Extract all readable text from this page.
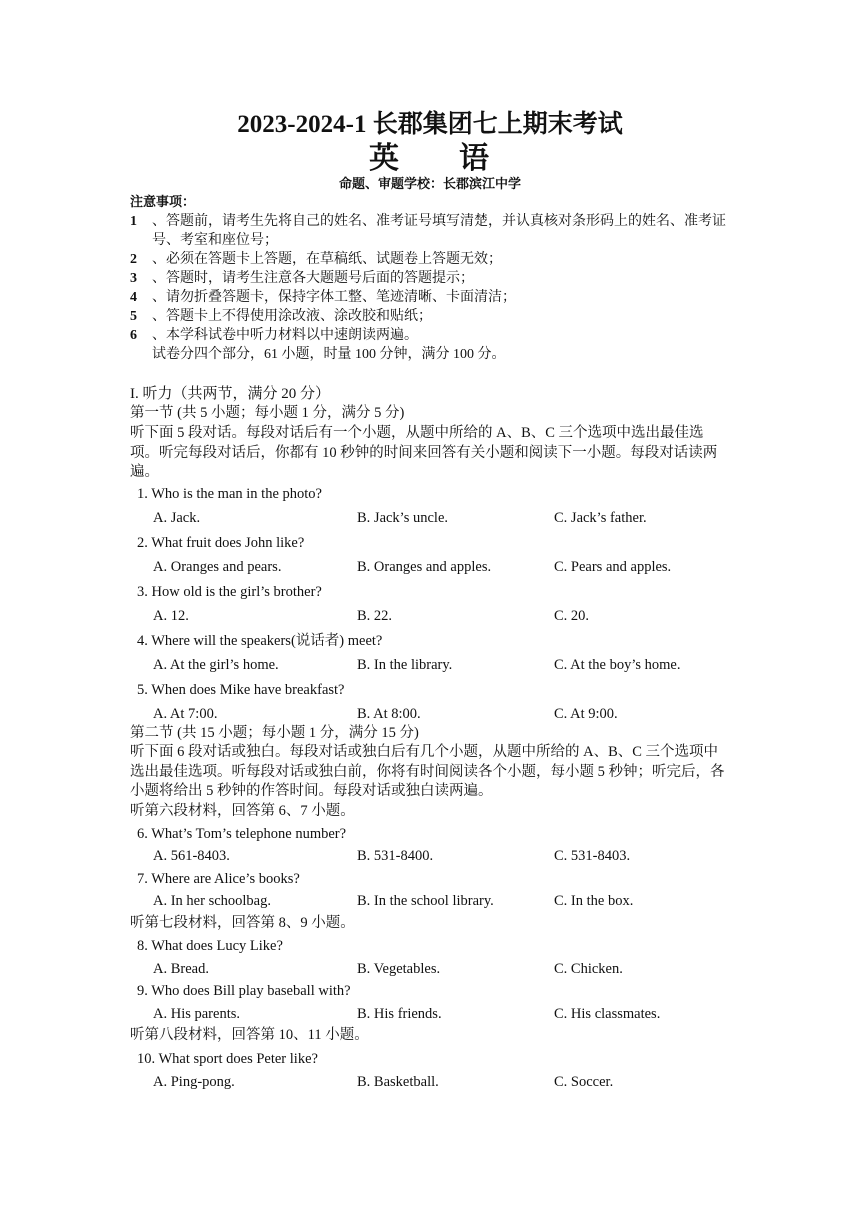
2023-2024-1 长郡集团七上期末考试
英 语
命题、审题学校：长郡滨江中学
注意事项：
1 、答题前，请考生先将自己的姓名、准考证号填写清楚，并认真核对条形码上的姓名、准考证号、考室和座位号；
2 、必须在答题卡上答题，在草稿纸、试题卷上答题无效；
3 、答题时，请考生注意各大题题号后面的答题提示；
4 、请勿折叠答题卡，保持字体工整、笔迹清晰、卡面清洁；
5 、答题卡上不得使用涂改液、涂改胶和贴纸；
6 、本学科试卷中听力材料以中速朗读两遍。
试卷分四个部分，61 小题，时量 100 分钟，满分 100 分。
I. 听力（共两节，满分 20 分）
第一节 (共 5 小题；每小题 1 分，满分 5 分)
听下面 5 段对话。每段对话后有一个小题，从题中所给的 A、B、C 三个选项中选出最佳选项。听完每段对话后，你都有 10 秒钟的时间来回答有关小题和阅读下一小题。每段对话读两遍。
1. Who is the man in the photo?
A. Jack.	B. Jack’s uncle.	C. Jack’s father.
2. What fruit does John like?
A. Oranges and pears.	B. Oranges and apples.	C. Pears and apples.
3. How old is the girl’s brother?
A. 12.	B. 22.	C. 20.
4. Where will the speakers(说话者) meet?
A. At the girl’s home.	B. In the library.	C. At the boy’s home.
5. When does Mike have breakfast?
A. At 7:00.	B. At 8:00.	C. At 9:00.
第二节 (共 15 小题；每小题 1 分，满分 15 分)
听下面 6 段对话或独白。每段对话或独白后有几个小题，从题中所给的 A、B、C 三个选项中选出最佳选项。听每段对话或独白前，你将有时间阅读各个小题，每小题 5 秒钟；听完后，各小题将给出 5 秒钟的作答时间。每段对话或独白读两遍。
听第六段材料，回答第 6、7 小题。
6. What’s Tom’s telephone number?
A. 561-8403.	B. 531-8400.	C. 531-8403.
7. Where are Alice’s books?
A. In her schoolbag.	B. In the school library.	C. In the box.
听第七段材料，回答第 8、9 小题。
8. What does Lucy Like?
A. Bread.	B. Vegetables.	C. Chicken.
9. Who does Bill play baseball with?
A. His parents.	B. His friends.	C. His classmates.
听第八段材料，回答第 10、11 小题。
10. What sport does Peter like?
A. Ping-pong.	B. Basketball.	C. Soccer.
